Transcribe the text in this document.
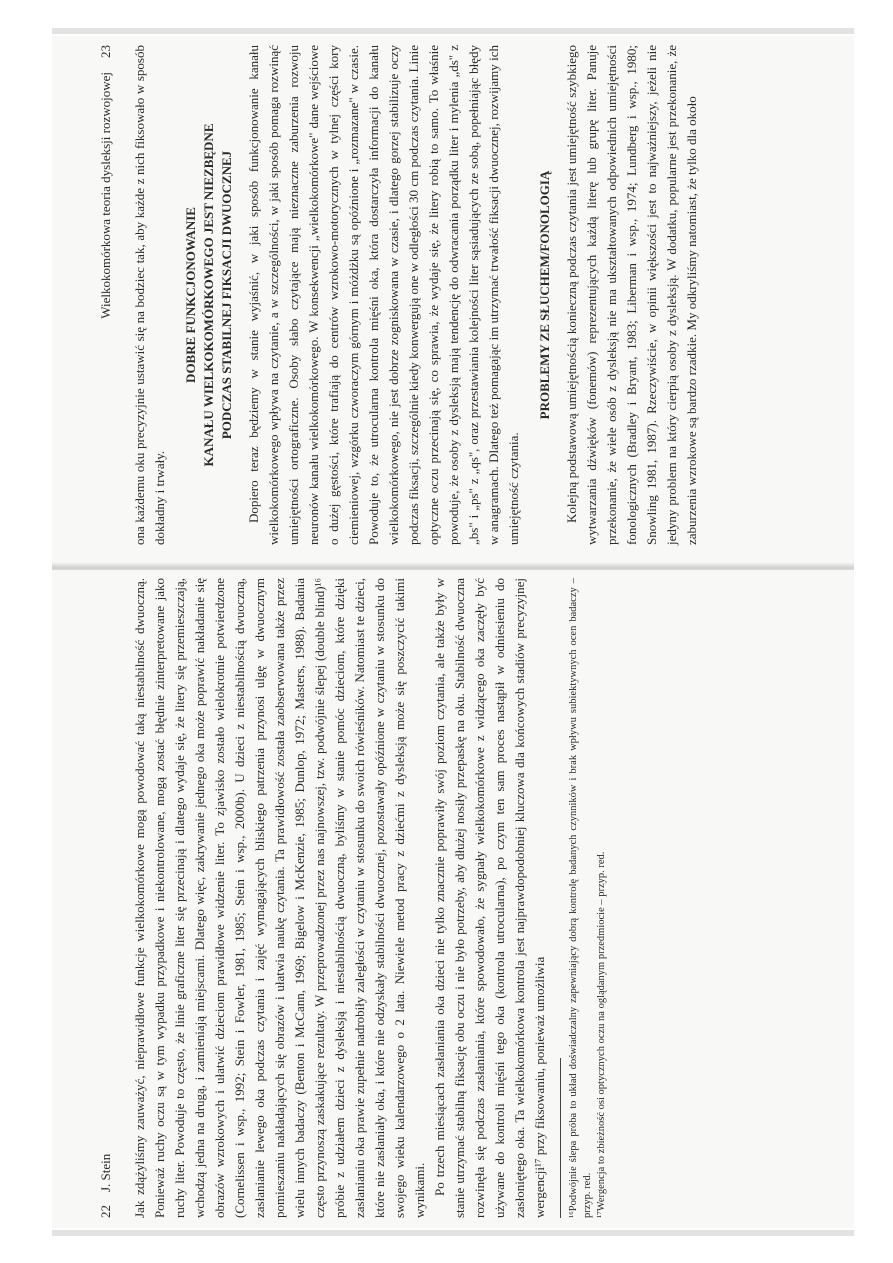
22    J. Stein Jak zdążyliśmy zauważyć, nieprawidłowe funkcje wielkokomórkowe mogą powodować taką niestabilność dwuoczną. Ponieważ ruchy oczu są w tym wypadku przypadkowe i niekontrolowane, mogą zostać błędnie zinterpretowane jako ruchy liter. Powoduje to często, że linie graficzne liter się przecinają i dlatego wydaje się, że litery się przemieszczają, wchodzą jedna na drugą, i zamieniają miejscami. Dlatego więc, zakrywanie jednego oka może poprawić nakładanie się obrazów wzrokowych i ułatwić dzieciom prawidłowe widzenie liter. To zjawisko zostało wielokrotnie potwierdzone (Cornelissen i wsp., 1992; Stein i Fowler, 1981, 1985; Stein i wsp., 2000b). U dzieci z niestabilnością dwuoczną, zasłanianie lewego oka podczas czytania i zajęć wymagających bliskiego patrzenia przynosi ulgę w dwuocznym pomieszaniu nakładających się obrazów i ułatwia naukę czytania. Ta prawidłowość została zaobserwowana także przez wielu innych badaczy (Benton i McCann, 1969; Bigelow i McKenzie, 1985; Dunlop, 1972; Masters, 1988). Badania często przynoszą zaskakujące rezultaty. W przeprowadzonej przez nas najnowszej, tzw. podwójnie ślepej (double blind)¹⁶ próbie z udziałem dzieci z dysleksją i niestabilnością dwuoczną, byliśmy w stanie pomóc dzieciom, które dzięki zasłanianiu oka prawie zupełnie nadrobiły zaległości w czytaniu w stosunku do swoich rówieśników. Natomiast te dzieci, które nie zasłaniały oka, i które nie odzyskały stabilności dwuocznej, pozostawały opóźnione w czytaniu w stosunku do swojego wieku kalendarzowego o 2 lata. Niewiele metod pracy z dziećmi z dysleksją może się poszczycić takimi wynikami. Po trzech miesiącach zasłaniania oka dzieci nie tylko znacznie poprawiły swój poziom czytania, ale także były w stanie utrzymać stabilną fiksację obu oczu i nie było potrzeby, aby dłużej nosiły przepaskę na oku. Stabilność dwuoczna rozwinęła się podczas zasłaniania, które spowodowało, że sygnały wielkokomórkowe z widzącego oka zaczęły być używane do kontroli mięśni tego oka (kontrola utrocularna), po czym ten sam proces nastąpił w odniesieniu do zasłoniętego oka. Ta wielkokomórkowa kontrola jest najprawdopodobniej kluczowa dla końcowych stadiów precyzyjnej wergencji¹⁷ przy fiksowaniu, ponieważ umożliwia ¹⁶Podwójnie ślepa próba to układ doświadczalny zapewniający dobrą kontrolę badanych czynników i brak wpływu subiektywnych ocen badaczy – przyp. red. ¹⁷Wergencja to zbieżność osi optycznych oczu na oglądanym przedmiocie – przyp. red.

Wielkokomórkowa teoria dysleksji rozwojowej
23 ona każdemu oku precyzyjnie ustawić się na bodziec tak, aby każde z nich fiksowało w sposób dokładny i trwały.

DOBRE FUNKCJONOWANIE KANAŁU WIELKOKOMÓRKOWEGO JEST NIEZBĘDNE PODCZAS STABILNEJ FIKSACJI DWUOCZNEJ Dopiero teraz będziemy w stanie wyjaśnić, w jaki sposób funkcjonowanie kanału wielkokomórkowego wpływa na czytanie, a w szczególności, w jaki sposób pomaga rozwinąć umiejętności ortograficzne. Osoby słabo czytające mają nieznaczne zaburzenia rozwoju neuronów kanału wielkokomórkowego. W konsekwencji „wielkokomórkowe" dane wejściowe o dużej gęstości, które trafiają do centrów wzrokowo-motorycznych w tylnej części kory ciemieniowej, wzgórku czworaczym górnym i móżdżku są opóźnione i „rozmazane" w czasie. Powoduje to, że utrocularna kontrola mięśni oka, która dostarczyła informacji do kanału wielkokomórkowego, nie jest dobrze zogniskowana w czasie, i dlatego gorzej stabilizuje oczy podczas fiksacji, szczególnie kiedy konwergują one w odległości 30 cm podczas czytania. Linie optyczne oczu przecinają się, co sprawia, że wydaje się, że litery robią to samo. To właśnie powoduje, że osoby z dysleksją mają tendencję do odwracania porządku liter i mylenia „ds" z „bs" i „ps" z „qs", oraz przestawiania kolejności liter sąsiadujących ze sobą, popełniając błędy w anagramach. Dlatego też pomagając im utrzymać trwałość fiksacji dwuocznej, rozwijamy ich umiejętność czytania.

PROBLEMY ZE SŁUCHEM/FONOLOGIĄ Kolejną podstawową umiejętnością konieczną podczas czytania jest umiejętność szybkiego wytwarzania dźwięków (fonemów) reprezentujących każdą literę lub grupę liter. Panuje przekonanie, że wiele osób z dysleksją nie ma ukształtowanych odpowiednich umiejętności fonologicznych (Bradley i Bryant, 1983; Liberman i wsp., 1974; Lundberg i wsp., 1980; Snowling 1981, 1987). Rzeczywiście, w opinii większości jest to najważniejszy, jeżeli nie jedyny problem na który cierpią osoby z dysleksją. W dodatku, popularne jest przekonanie, że zaburzenia wzrokowe są bardzo rzadkie. My odkryliśmy natomiast, że tylko dla około
